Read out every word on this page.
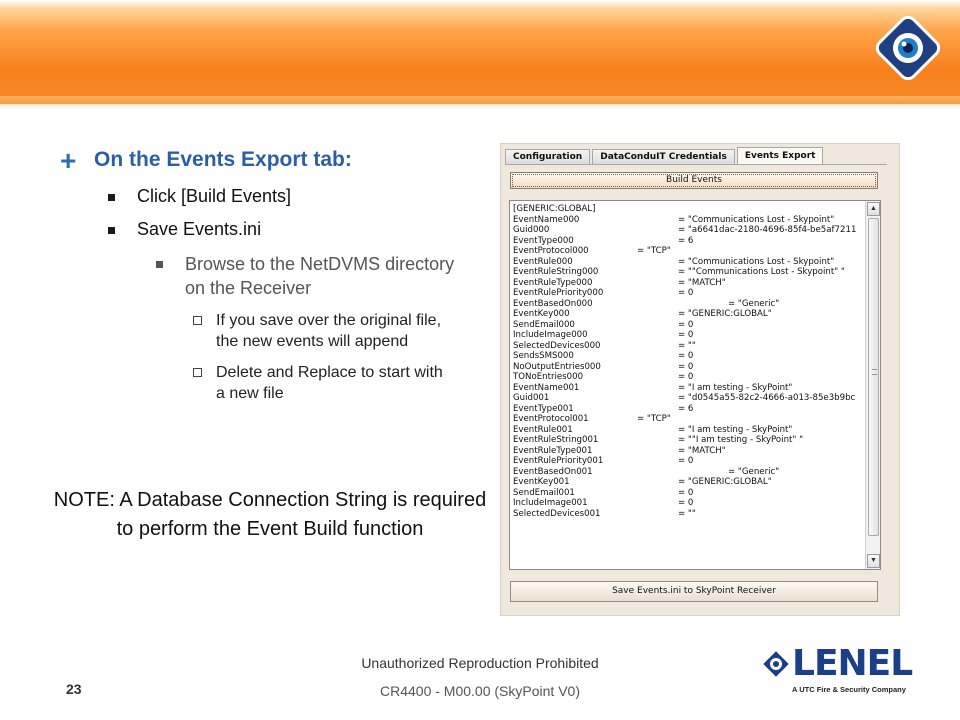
+ On the Events Export tab:
Click [Build Events]
Save Events.ini
Browse to the NetDVMS directory on the Receiver
If you save over the original file, the new events will append
Delete and Replace to start with a new file
NOTE: A Database Connection String is required to perform the Event Build function
Configuration	DataConduIT Credentials	Events Export
Build Events
[GENERIC:GLOBAL]
EventName000	= "Communications Lost - Skypoint"
Guid000	= "a6641dac-2180-4696-85f4-be5af7211
EventType000	= 6
EventProtocol000	= "TCP"
EventRule000	= "Communications Lost - Skypoint"
EventRuleString000	= ""Communications Lost - Skypoint" "
EventRuleType000	= "MATCH"
EventRulePriority000	= 0
EventBasedOn000	= "Generic"
EventKey000	= "GENERIC:GLOBAL"
SendEmail000	= 0
IncludeImage000	= 0
SelectedDevices000	= ""
SendsSMS000	= 0
NoOutputEntries000	= 0
TONoEntries000	= 0
EventName001	= "I am testing - SkyPoint"
Guid001	= "d0545a55-82c2-4666-a013-85e3b9bc
EventType001	= 6
EventProtocol001	= "TCP"
EventRule001	= "I am testing - SkyPoint"
EventRuleString001	= ""I am testing - SkyPoint" "
EventRuleType001	= "MATCH"
EventRulePriority001	= 0
EventBasedOn001	= "Generic"
EventKey001	= "GENERIC:GLOBAL"
SendEmail001	= 0
IncludeImage001	= 0
SelectedDevices001	= ""
▲
▼
Save Events.ini to SkyPoint Receiver
Unauthorized Reproduction Prohibited
23	CR4400 - M00.00 (SkyPoint V0)
LENEL
A UTC Fire & Security Company
